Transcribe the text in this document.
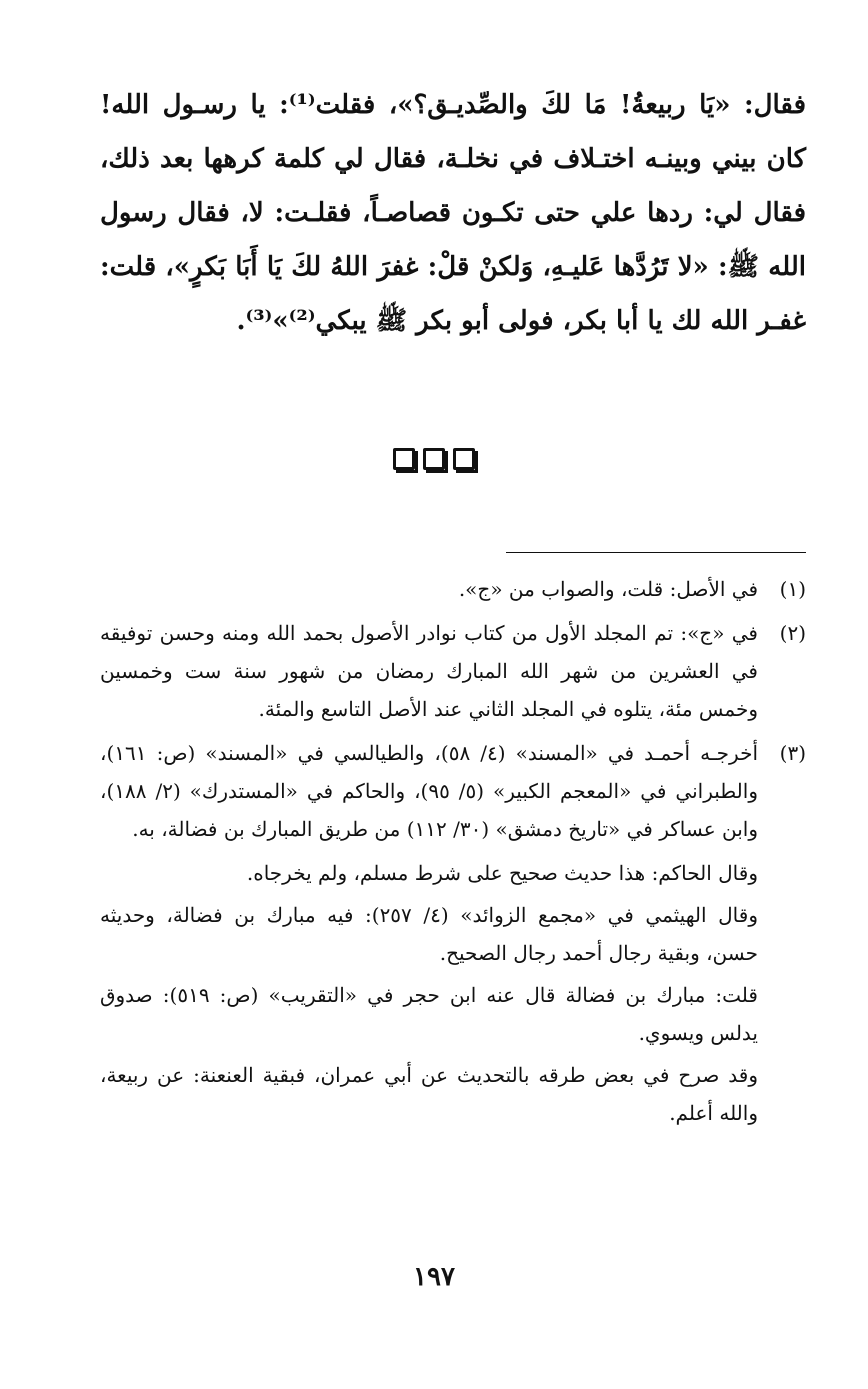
فقال: «يَا ربيعةُ! مَا لكَ والصِّديـق؟»، فقلت⁽¹⁾: يا رسـول الله! كان بيني وبينـه اختـلاف في نخلـة، فقال لي كلمة كرهها بعد ذلك، فقال لي: ردها علي حتى تكـون قصاصـاً، فقلـت: لا، فقال رسول الله ﷺ: «لا تَرُدَّها عَليـهِ، وَلكنْ قلْ: غفرَ اللهُ لكَ يَا أَبَا بَكرٍ»، قلت: غفـر الله لك يا أبا بكر، فولى أبو بكر ﷺ يبكي⁽²⁾»⁽³⁾.

(١)

في الأصل: قلت، والصواب من «ج».

(٢)

في «ج»: تم المجلد الأول من كتاب نوادر الأصول بحمد الله ومنه وحسن توفيقه في العشرين من شهر الله المبارك رمضان من شهور سنة ست وخمسين وخمس مئة، يتلوه في المجلد الثاني عند الأصل التاسع والمئة.

(٣)

أخرجـه أحمـد في «المسند» (٤/ ٥٨)، والطيالسي في «المسند» (ص: ١٦١)، والطبراني في «المعجم الكبير» (٥/ ٩٥)، والحاكم في «المستدرك» (٢/ ١٨٨)، وابن عساكر في «تاريخ دمشق» (٣٠/ ١١٢) من طريق المبارك بن فضالة، به.

وقال الحاكم: هذا حديث صحيح على شرط مسلم، ولم يخرجاه.

وقال الهيثمي في «مجمع الزوائد» (٤/ ٢٥٧): فيه مبارك بن فضالة، وحديثه حسن، وبقية رجال أحمد رجال الصحيح.

قلت: مبارك بن فضالة قال عنه ابن حجر في «التقريب» (ص: ٥١٩): صدوق يدلس ويسوي.

وقد صرح في بعض طرقه بالتحديث عن أبي عمران، فبقية العنعنة: عن ربيعة، والله أعلم.

١٩٧
